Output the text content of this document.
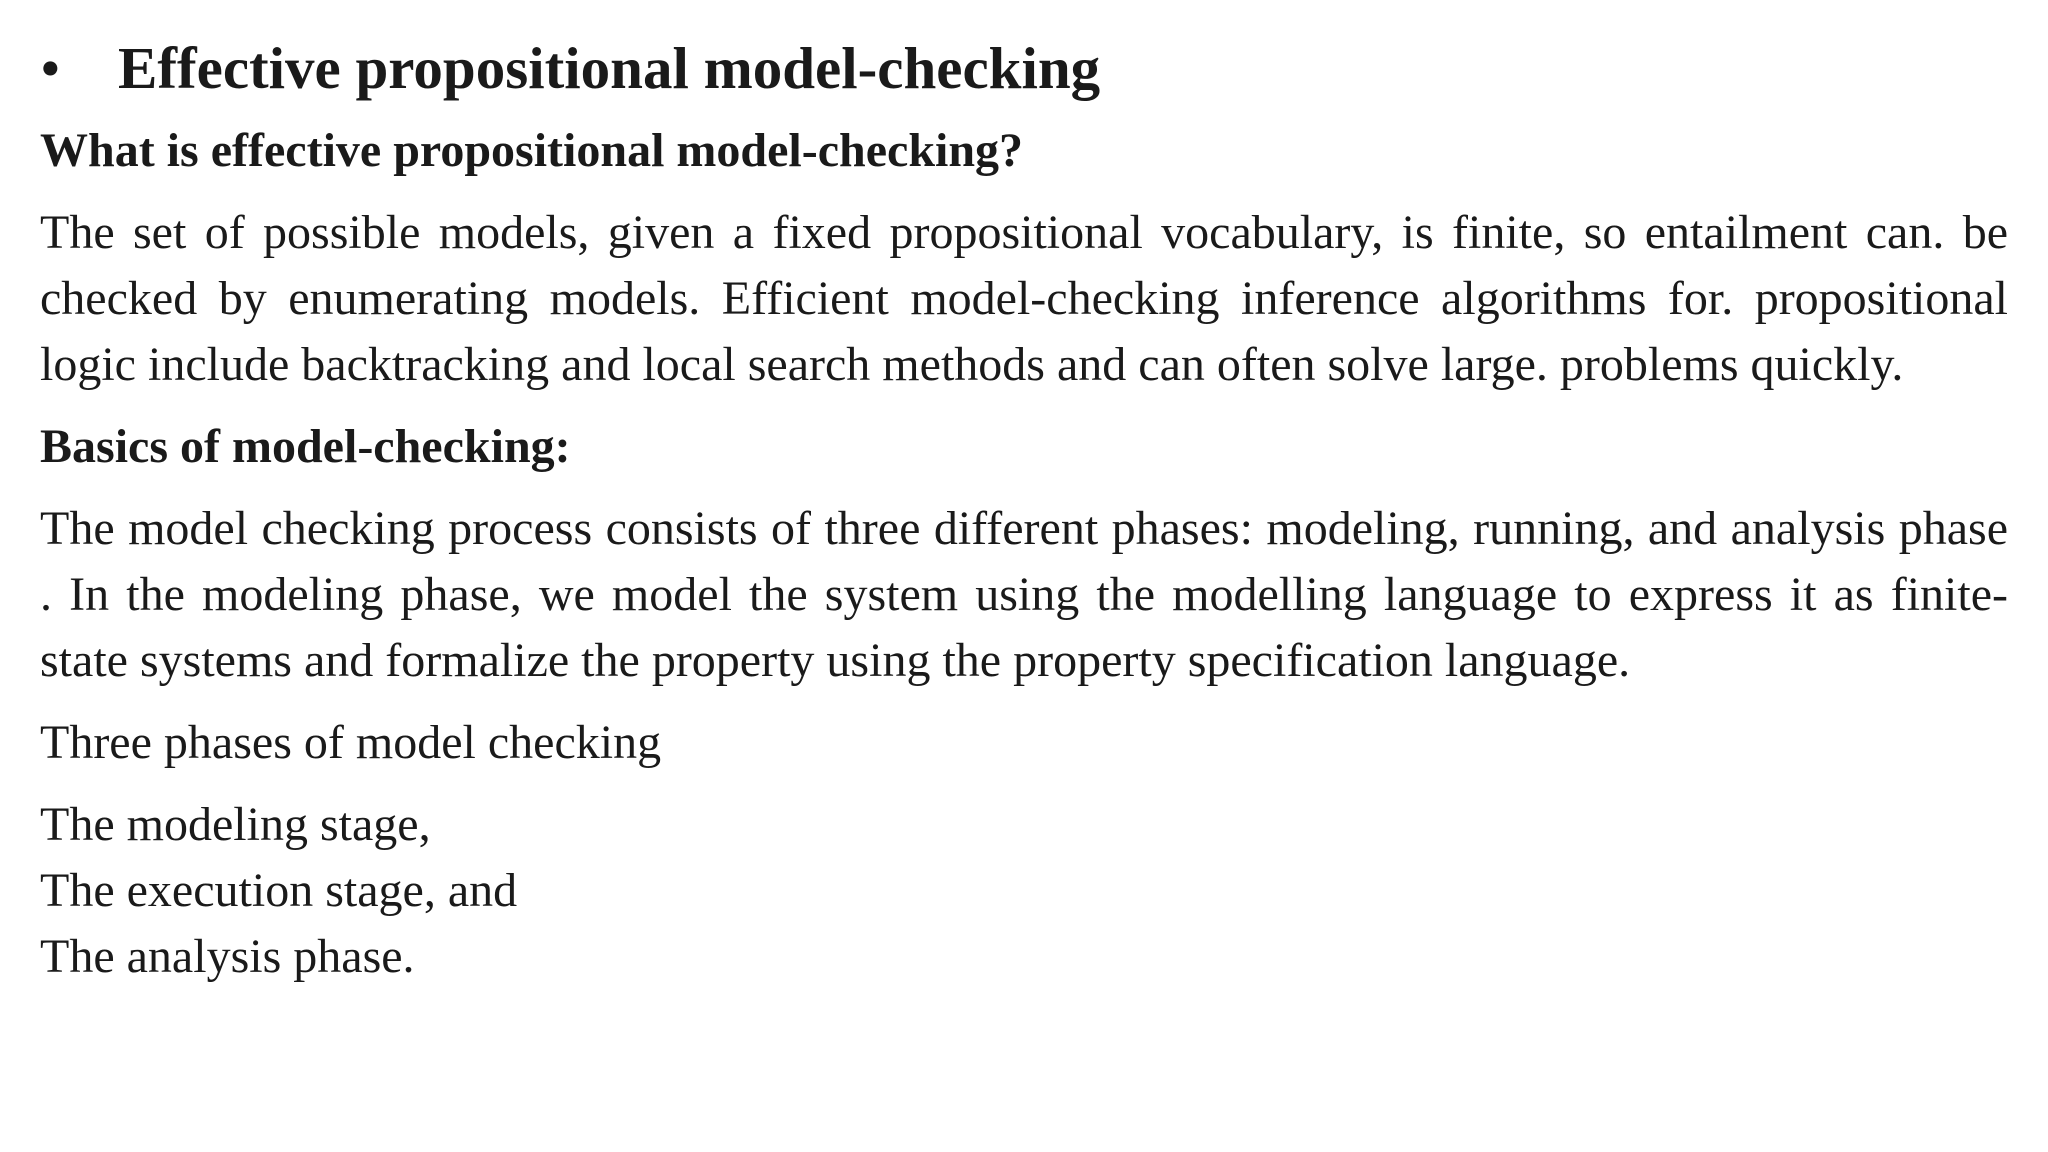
• Effective propositional model-checking
What is effective propositional model-checking?

The set of possible models, given a fixed propositional vocabulary, is finite, so entailment can. be checked by enumerating models. Efficient model-checking inference algorithms for. propositional logic include backtracking and local search methods and can often solve large. problems quickly.

Basics of model-checking:

The model checking process consists of three different phases: modeling, running, and analysis phase . In the modeling phase, we model the system using the modelling language to express it as finite-state systems and formalize the property using the property specification language.

Three phases of model checking

The modeling stage,

The execution stage, and

The analysis phase.
